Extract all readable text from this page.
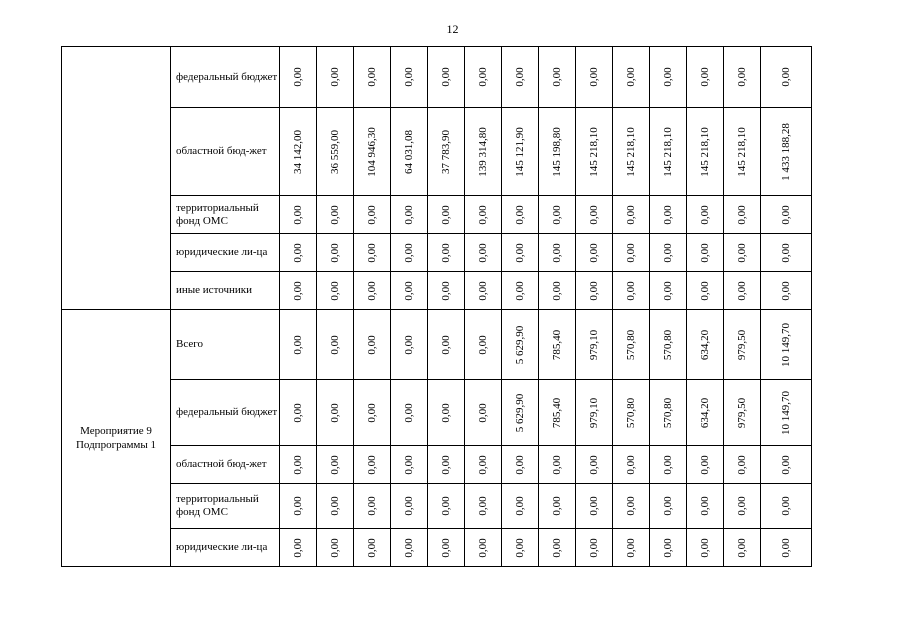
12
	федеральный бюджет	0,00	0,00	0,00	0,00	0,00	0,00	0,00	0,00	0,00	0,00	0,00	0,00	0,00	0,00

	областной бюд-жет	34 142,00	36 559,00	104 946,30	64 031,08	37 783,90	139 314,80	145 121,90	145 198,80	145 218,10	145 218,10	145 218,10	145 218,10	145 218,10	1 433 188,28

	территориальный фонд ОМС	0,00	0,00	0,00	0,00	0,00	0,00	0,00	0,00	0,00	0,00	0,00	0,00	0,00	0,00

	юридические ли-ца	0,00	0,00	0,00	0,00	0,00	0,00	0,00	0,00	0,00	0,00	0,00	0,00	0,00	0,00

	иные источники	0,00	0,00	0,00	0,00	0,00	0,00	0,00	0,00	0,00	0,00	0,00	0,00	0,00	0,00

Мероприятие 9 Подпрограммы 1	Всего	0,00	0,00	0,00	0,00	0,00	0,00	5 629,90	785,40	979,10	570,80	570,80	634,20	979,50	10 149,70

	федеральный бюджет	0,00	0,00	0,00	0,00	0,00	0,00	5 629,90	785,40	979,10	570,80	570,80	634,20	979,50	10 149,70

	областной бюд-жет	0,00	0,00	0,00	0,00	0,00	0,00	0,00	0,00	0,00	0,00	0,00	0,00	0,00	0,00

	территориальный фонд ОМС	0,00	0,00	0,00	0,00	0,00	0,00	0,00	0,00	0,00	0,00	0,00	0,00	0,00	0,00

	юридические ли-ца	0,00	0,00	0,00	0,00	0,00	0,00	0,00	0,00	0,00	0,00	0,00	0,00	0,00	0,00
